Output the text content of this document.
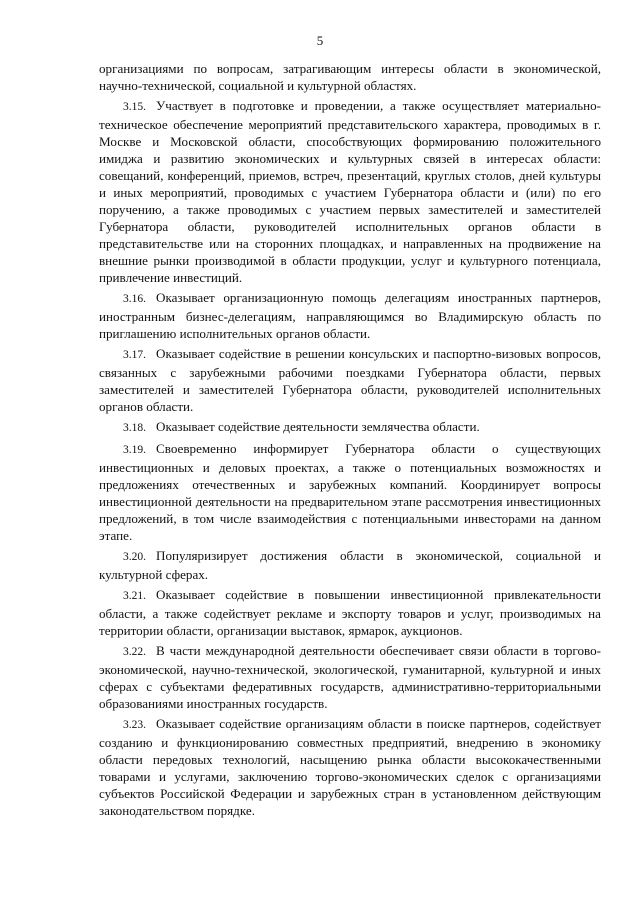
5

организациями по вопросам, затрагивающим интересы области в экономической, научно-технической, социальной и культурной областях.

3.15. Участвует в подготовке и проведении, а также осуществляет материально-техническое обеспечение мероприятий представительского характера, проводимых в г. Москве и Московской области, способствующих формированию положительного имиджа и развитию экономических и культурных связей в интересах области: совещаний, конференций, приемов, встреч, презентаций, круглых столов, дней культуры и иных мероприятий, проводимых с участием Губернатора области и (или) по его поручению, а также проводимых с участием первых заместителей и заместителей Губернатора области, руководителей исполнительных органов области в представительстве или на сторонних площадках, и направленных на продвижение на внешние рынки производимой в области продукции, услуг и культурного потенциала, привлечение инвестиций.

3.16. Оказывает организационную помощь делегациям иностранных партнеров, иностранным бизнес-делегациям, направляющимся во Владимирскую область по приглашению исполнительных органов области.

3.17. Оказывает содействие в решении консульских и паспортно-визовых вопросов, связанных с зарубежными рабочими поездками Губернатора области, первых заместителей и заместителей Губернатора области, руководителей исполнительных органов области.

3.18. Оказывает содействие деятельности землячества области.

3.19. Своевременно информирует Губернатора области о существующих инвестиционных и деловых проектах, а также о потенциальных возможностях и предложениях отечественных и зарубежных компаний. Координирует вопросы инвестиционной деятельности на предварительном этапе рассмотрения инвестиционных предложений, в том числе взаимодействия с потенциальными инвесторами на данном этапе.

3.20. Популяризирует достижения области в экономической, социальной и культурной сферах.

3.21. Оказывает содействие в повышении инвестиционной привлекательности области, а также содействует рекламе и экспорту товаров и услуг, производимых на территории области, организации выставок, ярмарок, аукционов.

3.22. В части международной деятельности обеспечивает связи области в торгово-экономической, научно-технической, экологической, гуманитарной, культурной и иных сферах с субъектами федеративных государств, административно-территориальными образованиями иностранных государств.

3.23. Оказывает содействие организациям области в поиске партнеров, содействует созданию и функционированию совместных предприятий, внедрению в экономику области передовых технологий, насыщению рынка области высококачественными товарами и услугами, заключению торгово-экономических сделок с организациями субъектов Российской Федерации и зарубежных стран в установленном действующим законодательством порядке.
